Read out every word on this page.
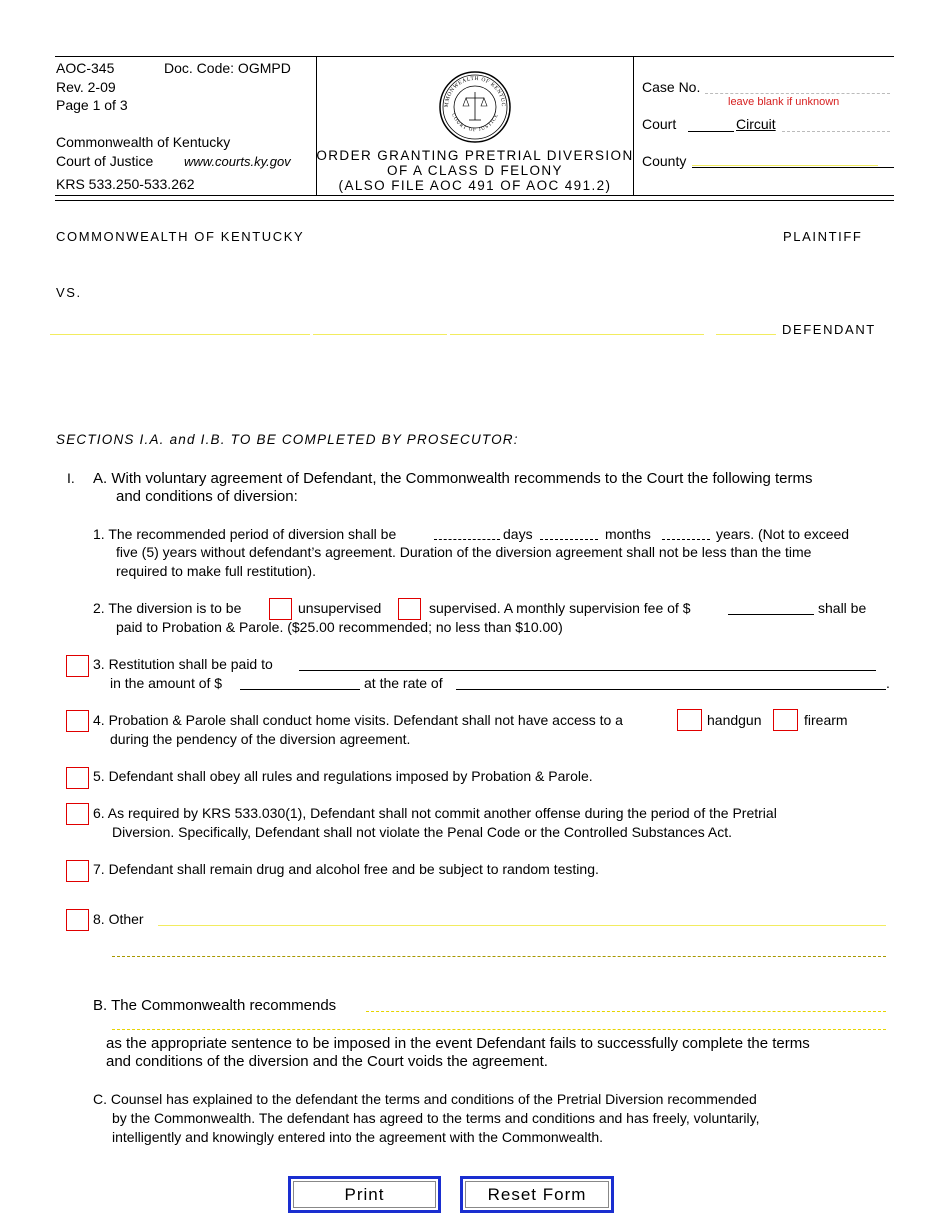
AOC-345	Doc. Code: OGMPD
Rev. 2-09
Page 1 of 3
Commonwealth of Kentucky
Court of Justice www.courts.ky.gov
KRS 533.250-533.262
MMONWEALTH OF KENTUC
COURT OF JUSTICE
ORDER GRANTING PRETRIAL DIVERSION
OF A CLASS D FELONY
(ALSO FILE AOC 491 OF AOC 491.2)
Case No.
leave blank if unknown
Court	Circuit
County
COMMONWEALTH OF KENTUCKY	PLAINTIFF
VS.
DEFENDANT
SECTIONS I.A. and I.B. TO BE COMPLETED BY PROSECUTOR:
I. A. With voluntary agreement of Defendant, the Commonwealth recommends to the Court the following terms
and conditions of diversion:
1. The recommended period of diversion shall be	days	months	years. (Not to exceed
five (5) years without defendant’s agreement. Duration of the diversion agreement shall not be less than the time
required to make full restitution).
2. The diversion is to be	unsupervised	supervised. A monthly supervision fee of $	shall be
paid to Probation & Parole. ($25.00 recommended; no less than $10.00)
3. Restitution shall be paid to
in the amount of $	at the rate of	.
4. Probation & Parole shall conduct home visits. Defendant shall not have access to a	handgun	firearm
during the pendency of the diversion agreement.
5. Defendant shall obey all rules and regulations imposed by Probation & Parole.
6. As required by KRS 533.030(1), Defendant shall not commit another offense during the period of the Pretrial
Diversion. Specifically, Defendant shall not violate the Penal Code or the Controlled Substances Act.
7. Defendant shall remain drug and alcohol free and be subject to random testing.
8. Other
B. The Commonwealth recommends
as the appropriate sentence to be imposed in the event Defendant fails to successfully complete the terms
and conditions of the diversion and the Court voids the agreement.
C. Counsel has explained to the defendant the terms and conditions of the Pretrial Diversion recommended
by the Commonwealth. The defendant has agreed to the terms and conditions and has freely, voluntarily,
intelligently and knowingly entered into the agreement with the Commonwealth.
Print	Reset Form
